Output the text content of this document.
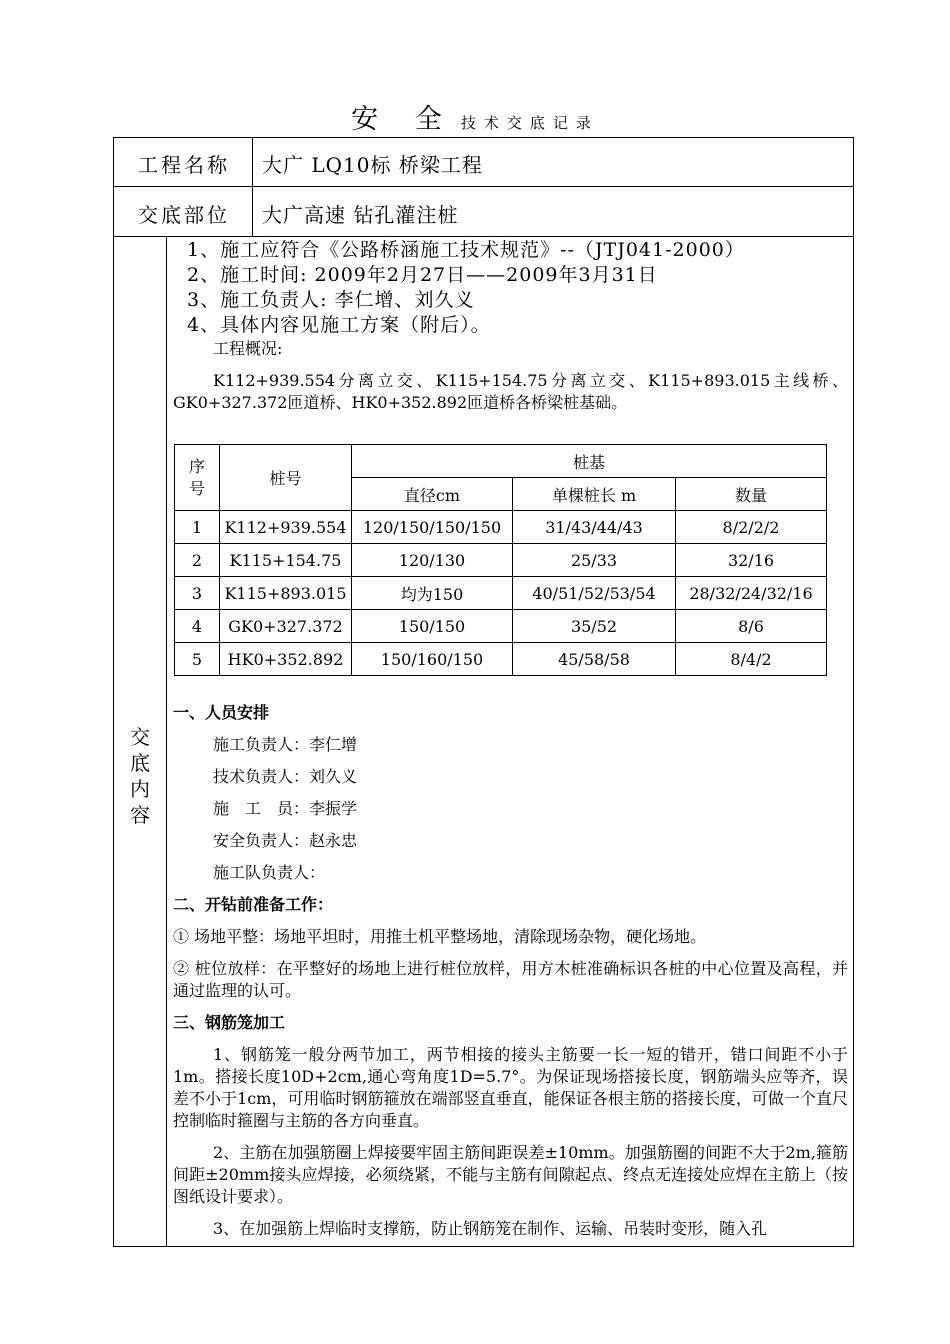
安 全 技术交底记录
工程名称 大广 LQ10标 桥梁工程
交底部位 大广高速 钻孔灌注桩
交
底
内
容

1、施工应符合《公路桥涵施工技术规范》--（JTJ041-2000）

2、施工时间: 2009年2月27日——2009年3月31日

3、施工负责人: 李仁增、刘久义

4、具体内容见施工方案（附后）。

工程概况:

K112+939.554分离立交、K115+154.75分离立交、K115+893.015主线桥、GK0+327.372匝道桥、HK0+352.892匝道桥各桥梁桩基础。

序号	桩号	桩基		
		直径cm	单棵桩长 m	数量
1	K112+939.554	120/150/150/150	31/43/44/43	8/2/2/2
2	K115+154.75	120/130	25/33	32/16
3	K115+893.015	均为150	40/51/52/53/54	28/32/24/32/16
4	GK0+327.372	150/150	35/52	8/6
5	HK0+352.892	150/160/150	45/58/58	8/4/2

一、人员安排

施工负责人：李仁增

技术负责人：刘久义

施　工　员：李振学

安全负责人：赵永忠

施工队负责人：

二、开钻前准备工作：

① 场地平整：场地平坦时，用推土机平整场地，清除现场杂物，硬化场地。

② 桩位放样：在平整好的场地上进行桩位放样，用方木桩准确标识各桩的中心位置及高程，并通过监理的认可。

三、钢筋笼加工

1、钢筋笼一般分两节加工，两节相接的接头主筋要一长一短的错开，错口间距不小于1m。搭接长度10D+2cm,通心弯角度1D=5.7°。为保证现场搭接长度，钢筋端头应等齐，误差不小于1cm，可用临时钢筋箍放在端部竖直垂直，能保证各根主筋的搭接长度，可做一个直尺控制临时箍圈与主筋的各方向垂直。

2、主筋在加强筋圈上焊接要牢固主筋间距误差±10mm。加强筋圈的间距不大于2m,箍筋间距±20mm接头应焊接，必须绕紧，不能与主筋有间隙起点、终点无连接处应焊在主筋上（按图纸设计要求）。

3、在加强筋上焊临时支撑筋，防止钢筋笼在制作、运输、吊装时变形，随入孔
